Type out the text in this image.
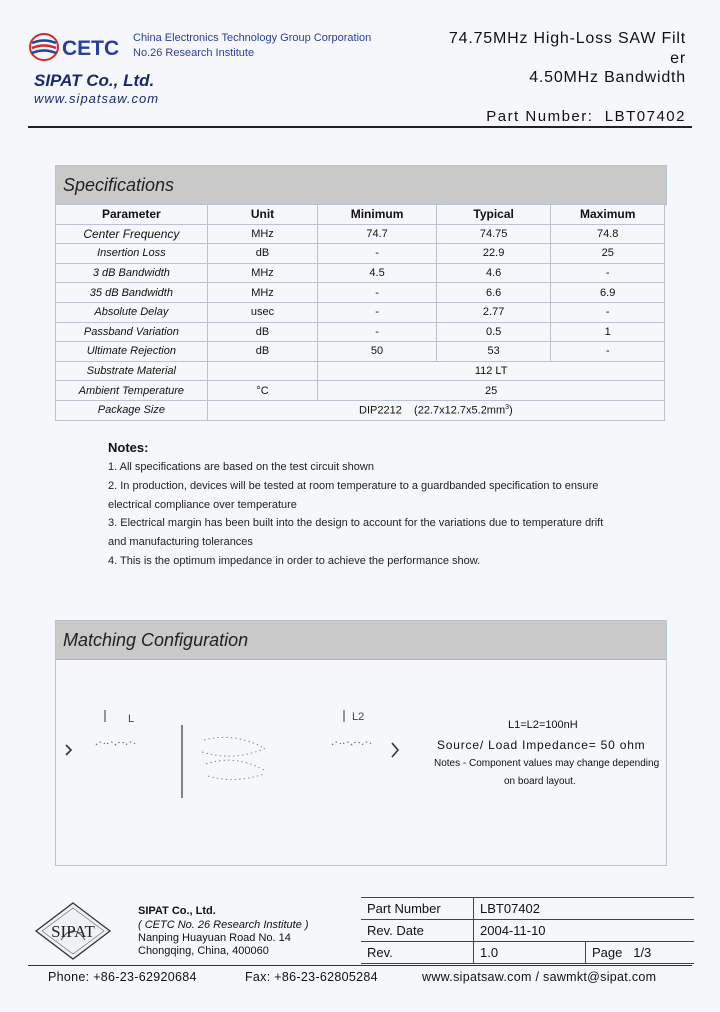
CETC China Electronics Technology Group Corporation
No.26 Research Institute
SIPAT Co., Ltd.
www.sipatsaw.com
74.75MHz High-Loss SAW Filt
er
4.50MHz Bandwidth
Part Number: LBT07402
Specifications
Parameter	Unit	Minimum	Typical	Maximum
Center Frequency	MHz	74.7	74.75	74.8
Insertion Loss	dB	-	22.9	25
3 dB Bandwidth	MHz	4.5	4.6	-
35 dB Bandwidth	MHz	-	6.6	6.9
Absolute Delay	usec	-	2.77	-
Passband Variation	dB	-	0.5	1
Ultimate Rejection	dB	50	53	-
Substrate Material		112 LT		
Ambient Temperature	°C	25		
Package Size	DIP2212    $(22.7x12.7x5.2mm^3)$			
Notes:
1. All specifications are based on the test circuit shown
2. In production, devices will be tested at room temperature to a guardbanded specification to ensure
electrical compliance over temperature
3. Electrical margin has been built into the design to account for the variations due to temperature drift
and manufacturing tolerances
4. This is the optimum impedance in order to achieve the performance show.
Matching Configuration
L	L2
L1=L2=100nH
Source/ Load Impedance= 50 ohm
Notes - Component values may change depending
on board layout.
SIPAT
SIPAT Co., Ltd.
( CETC No. 26 Research Institute )
Nanping Huayuan Road No. 14
Chongqing, China, 400060
Part Number	LBT07402	
Rev. Date	2004-11-10	
Rev.	1.0	Page 1/3
Phone: +86-23-62920684	Fax: +86-23-62805284	www.sipatsaw.com / sawmkt@sipat.com
